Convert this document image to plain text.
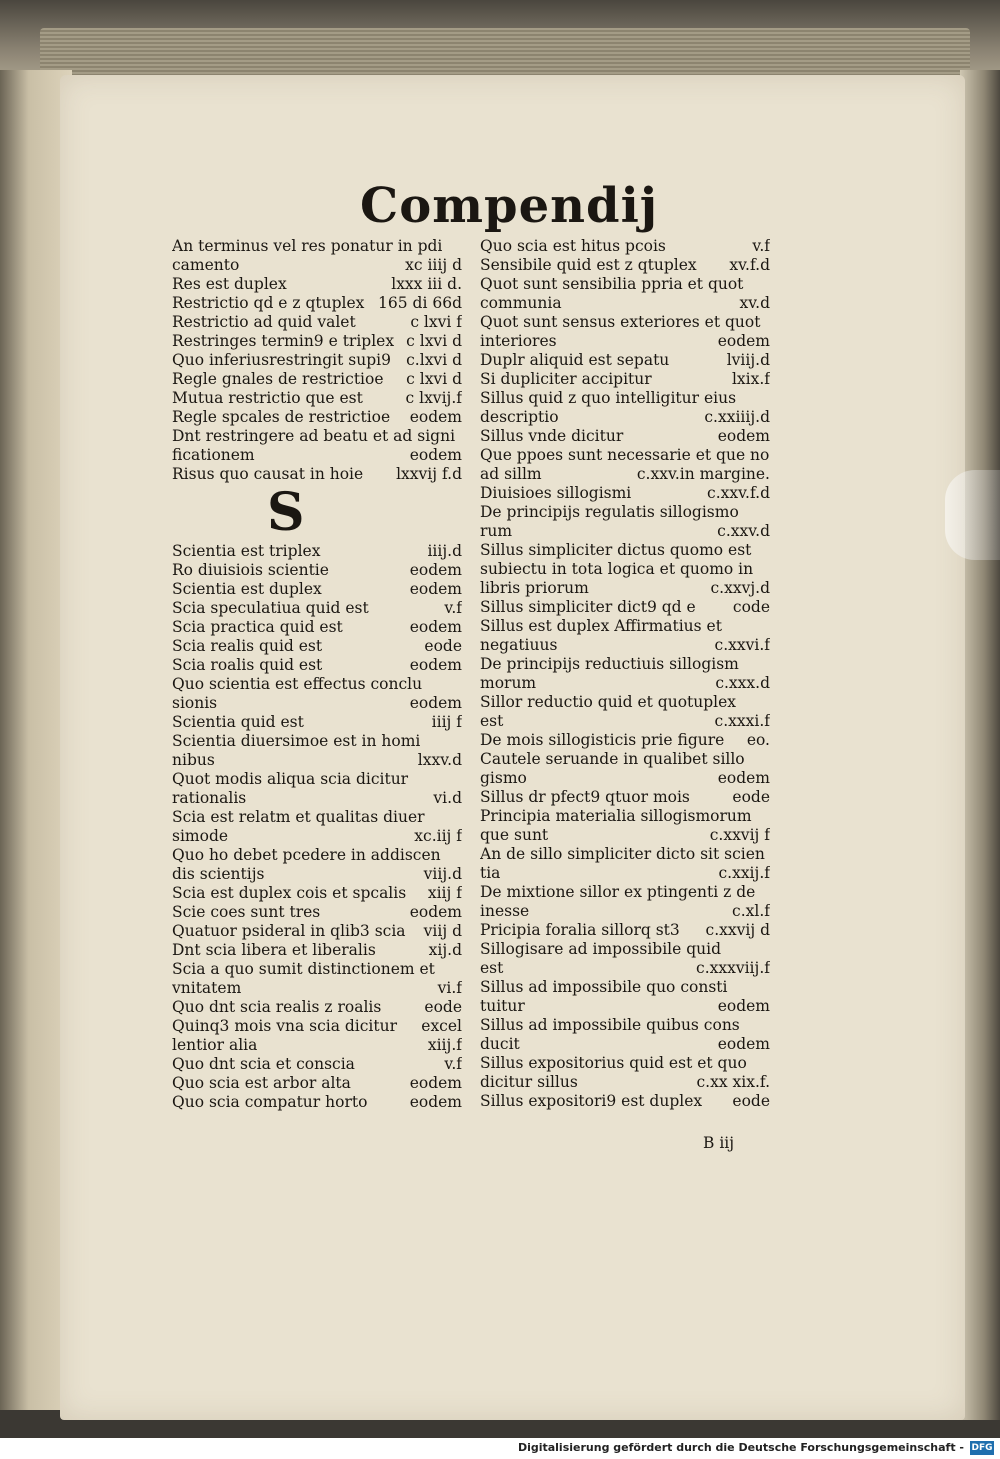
Compendij
An terminus vel res ponatur in pdi
camento	xc iiij d
Res est duplex	lxxx iii d.
Restrictio qd e z qtuplex 165 di 66d
Restrictio ad quid valet	c lxvi f
Restringes termin9 e triplex c lxvi d
Quo inferiusrestringit supi9 c.lxvi d
Regle gnales de restrictioe	c lxvi d
Mutua restrictio que est	c lxvij.f
Regle spcales de restrictioe	eodem
Dnt restringere ad beatu et ad signi
ficationem	eodem
Risus quo causat in hoie	lxxvij f.d
S
Scientia est triplex	iiij.d
Ro diuisiois scientie	eodem
Scientia est duplex	eodem
Scia speculatiua quid est	v.f
Scia practica quid est	eodem
Scia realis quid est	eode
Scia roalis quid est	eodem
Quo scientia est effectus conclu
sionis	eodem
Scientia quid est	iiij f
Scientia diuersimoe est in homi
nibus	lxxv.d
Quot modis aliqua scia dicitur
rationalis	vi.d
Scia est relatm et qualitas diuer
simode	xc.iij f
Quo ho debet pcedere in addiscen
dis scientijs	viij.d
Scia est duplex cois et spcalis	xiij f
Scie coes sunt tres	eodem
Quatuor psideral in qlib3 scia	viij d
Dnt scia libera et liberalis	xij.d
Scia a quo sumit distinctionem et
vnitatem	vi.f
Quo dnt scia realis z roalis	eode
Quinq3 mois vna scia dicitur	excel
lentior alia	xiij.f
Quo dnt scia et conscia	v.f
Quo scia est arbor alta	eodem
Quo scia compatur horto	eodem
Quo scia est hitus pcois	v.f
Sensibile quid est z qtuplex	xv.f.d
Quot sunt sensibilia ppria et quot
communia	xv.d
Quot sunt sensus exteriores et quot
interiores	eodem
Duplr aliquid est sepatu	lviij.d
Si dupliciter accipitur	lxix.f
Sillus quid z quo intelligitur eius
descriptio	c.xxiiij.d
Sillus vnde dicitur	eodem
Que ppoes sunt necessarie et que no
ad sillm	c.xxv.in margine.
Diuisioes sillogismi	c.xxv.f.d
De principijs regulatis sillogismo
rum	c.xxv.d
Sillus simpliciter dictus quomo est
subiectu in tota logica et quomo in
libris priorum	c.xxvj.d
Sillus simpliciter dict9 qd e	code
Sillus est duplex Affirmatius et
negatiuus	c.xxvi.f
De principijs reductiuis sillogism
morum	c.xxx.d
Sillor reductio quid et quotuplex
est	c.xxxi.f
De mois sillogisticis prie figure	eo.
Cautele seruande in qualibet sillo
gismo	eodem
Sillus dr pfect9 qtuor mois	eode
Principia materialia sillogismorum
que sunt	c.xxvij f
An de sillo simpliciter dicto sit scien
tia	c.xxij.f
De mixtione sillor ex ptingenti z de
inesse	c.xl.f
Pricipia foralia sillorq st3	c.xxvij d
Sillogisare ad impossibile quid
est	c.xxxviij.f
Sillus ad impossibile quo consti
tuitur	eodem
Sillus ad impossibile quibus cons
ducit	eodem
Sillus expositorius quid est et quo
dicitur sillus	c.xx xix.f.
Sillus expositori9 est duplex	eode
B iij
Digitalisierung gefördert durch die Deutsche Forschungsgemeinschaft - DFG
